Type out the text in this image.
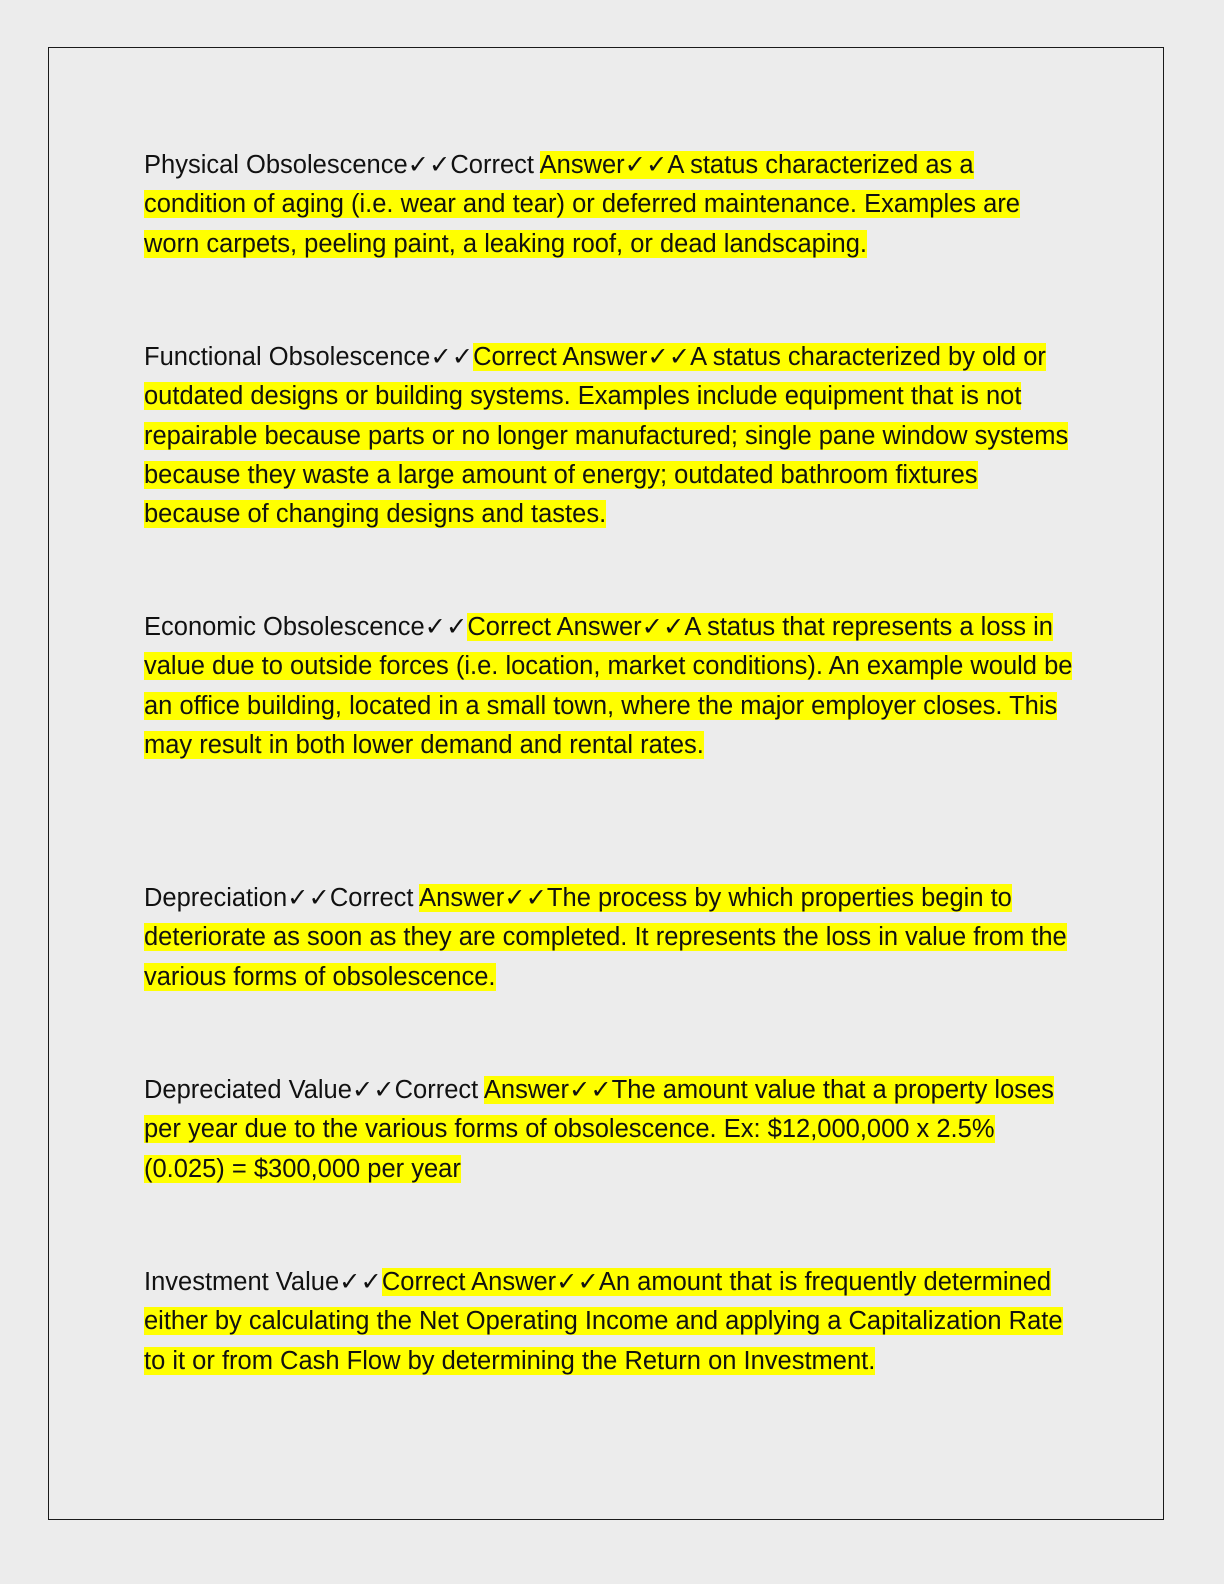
Physical Obsolescence✓✓Correct Answer✓✓A status characterized as a condition of aging (i.e. wear and tear) or deferred maintenance. Examples are worn carpets, peeling paint, a leaking roof, or dead landscaping.

Functional Obsolescence✓✓Correct Answer✓✓A status characterized by old or outdated designs or building systems. Examples include equipment that is not repairable because parts or no longer manufactured; single pane window systems because they waste a large amount of energy; outdated bathroom fixtures because of changing designs and tastes.

Economic Obsolescence✓✓Correct Answer✓✓A status that represents a loss in value due to outside forces (i.e. location, market conditions). An example would be an office building, located in a small town, where the major employer closes. This may result in both lower demand and rental rates.

Depreciation✓✓Correct Answer✓✓The process by which properties begin to deteriorate as soon as they are completed. It represents the loss in value from the various forms of obsolescence.

Depreciated Value✓✓Correct Answer✓✓The amount value that a property loses per year due to the various forms of obsolescence. Ex: $12,000,000 x 2.5% (0.025) = $300,000 per year

Investment Value✓✓Correct Answer✓✓An amount that is frequently determined either by calculating the Net Operating Income and applying a Capitalization Rate to it or from Cash Flow by determining the Return on Investment.
